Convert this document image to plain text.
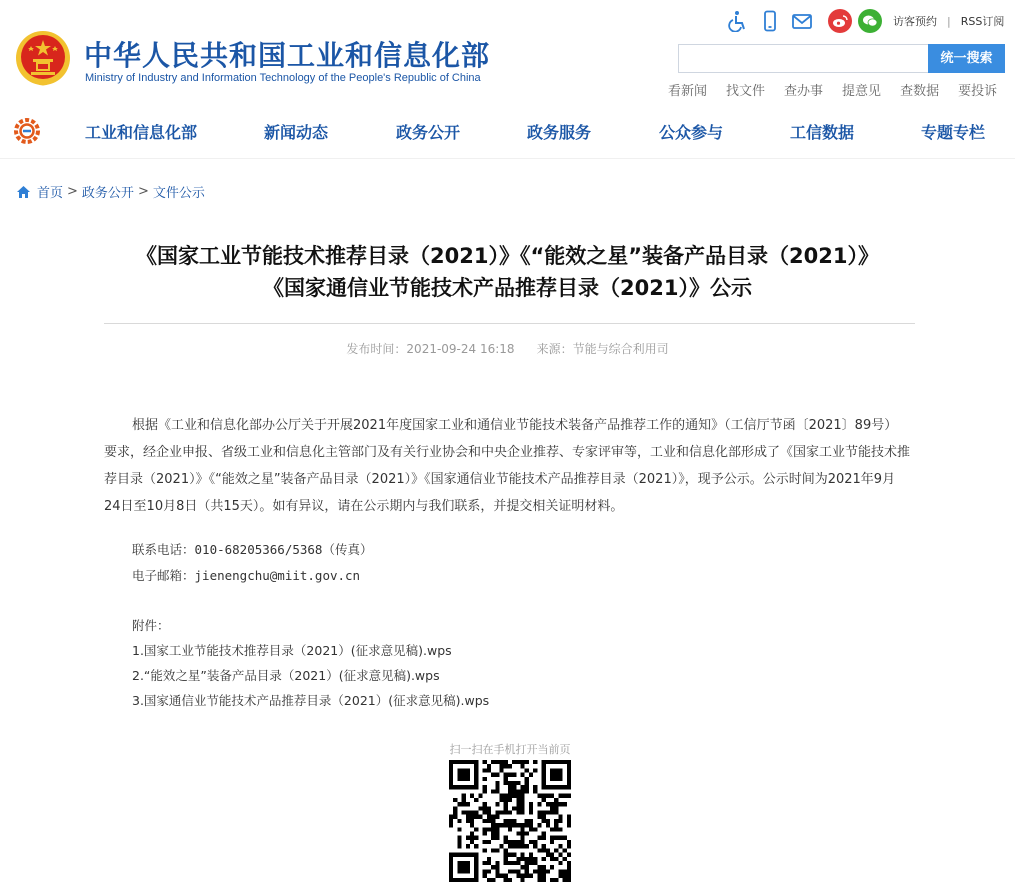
中华人民共和国工业和信息化部
Ministry of Industry and Information Technology of the People's Republic of China
访客预约 | RSS订阅
统一搜索
看新闻 找文件 查办事 提意见 查数据 要投诉
工业和信息化部	新闻动态	政务公开	政务服务	公众参与	工信数据	专题专栏
首页 > 政务公开 > 文件公示
《国家工业节能技术推荐目录（2021）》《“能效之星”装备产品目录（2021）》
《国家通信业节能技术产品推荐目录（2021）》公示
发布时间：2021-09-24 16:18 来源：节能与综合利用司
根据《工业和信息化部办公厅关于开展2021年度国家工业和通信业节能技术装备产品推荐工作的通知》（工信厅节函〔2021〕89号）要求，经企业申报、省级工业和信息化主管部门及有关行业协会和中央企业推荐、专家评审等，工业和信息化部形成了《国家工业节能技术推荐目录（2021）》《“能效之星”装备产品目录（2021）》《国家通信业节能技术产品推荐目录（2021）》，现予公示。公示时间为2021年9月24日至10月8日（共15天）。如有异议，请在公示期内与我们联系，并提交相关证明材料。
联系电话：010-68205366/5368（传真）
电子邮箱：jienengchu@miit.gov.cn
附件：
1.国家工业节能技术推荐目录（2021）(征求意见稿).wps
2.“能效之星”装备产品目录（2021）(征求意见稿).wps
3.国家通信业节能技术产品推荐目录（2021）(征求意见稿).wps
扫一扫在手机打开当前页
